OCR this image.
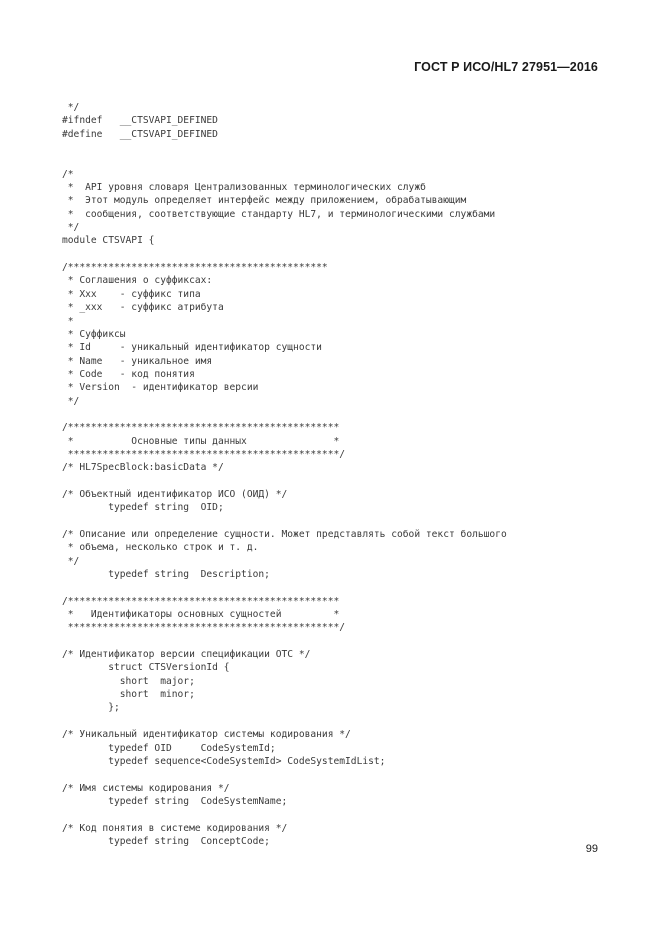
ГОСТ Р ИСО/HL7 27951—2016
*/
#ifndef   __CTSVAPI_DEFINED
#define   __CTSVAPI_DEFINED
/*
*  API уровня словаря Централизованных терминологических служб
*  Этот модуль определяет интерфейс между приложением, обрабатывающим
*  сообщения, соответствующие стандарту HL7, и терминологическими службами
*/
module CTSVAPI {
/*********************************************
* Соглашения о суффиксах:
* Xxx    - суффикс типа
* _xxx   - суффикс атрибута
*
* Суффиксы
* Id     - уникальный идентификатор сущности
* Name   - уникальное имя
* Code   - код понятия
* Version  - идентификатор версии
*/
/***********************************************
*          Основные типы данных               *
***********************************************/
/* HL7SpecBlock:basicData */
/* Объектный идентификатор ИСО (ОИД) */
typedef string  OID;
/* Описание или определение сущности. Может представлять собой текст большого
* объема, несколько строк и т. д.
*/
typedef string  Description;
/***********************************************
*   Идентификаторы основных сущностей         *
***********************************************/
/* Идентификатор версии спецификации OTC */
struct CTSVersionId {
short  major;
short  minor;
};
/* Уникальный идентификатор системы кодирования */
typedef OID     CodeSystemId;
typedef sequence<CodeSystemId> CodeSystemIdList;
/* Имя системы кодирования */
typedef string  CodeSystemName;
/* Код понятия в системе кодирования */
typedef string  ConceptCode;
99
